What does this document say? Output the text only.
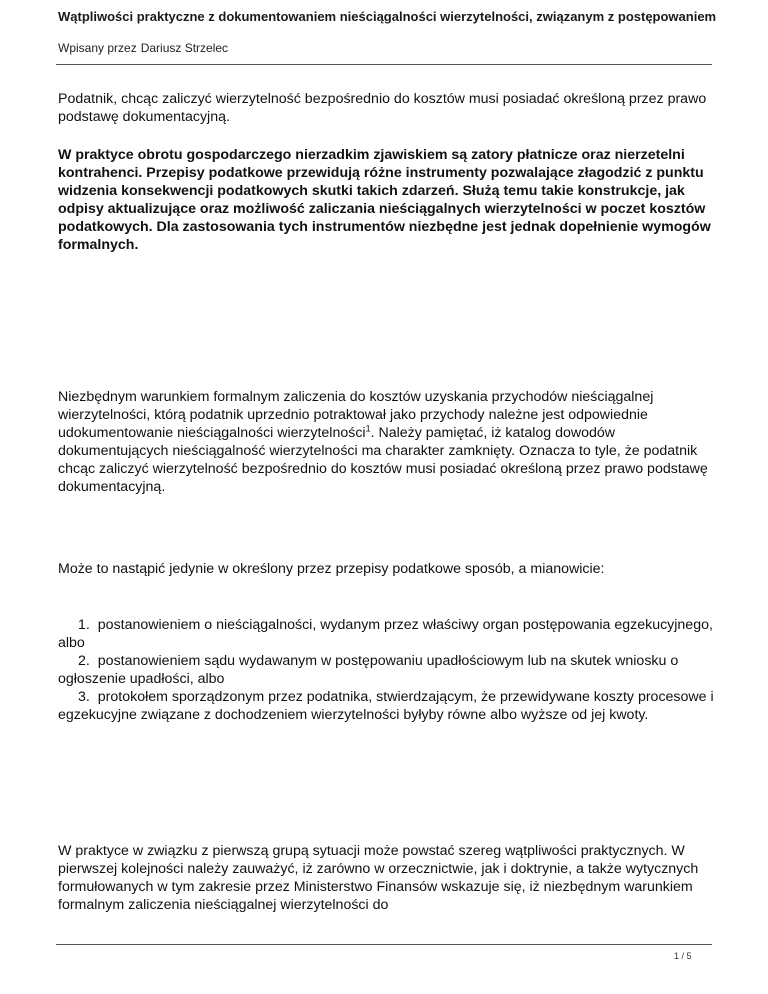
Wątpliwości praktyczne z dokumentowaniem nieściągalności wierzytelności, związanym z postępowaniem
Wpisany przez Dariusz Strzelec

Podatnik, chcąc zaliczyć wierzytelność bezpośrednio do kosztów musi posiadać określoną przez prawo podstawę dokumentacyjną.

W praktyce obrotu gospodarczego nierzadkim zjawiskiem są zatory płatnicze oraz nierzetelni kontrahenci. Przepisy podatkowe przewidują różne instrumenty pozwalające złagodzić z punktu widzenia konsekwencji podatkowych skutki takich zdarzeń. Służą temu takie konstrukcje, jak odpisy aktualizujące oraz możliwość zaliczania nieściągalnych wierzytelności w poczet kosztów podatkowych. Dla zastosowania tych instrumentów niezbędne jest jednak dopełnienie wymogów formalnych.

Niezbędnym warunkiem formalnym zaliczenia do kosztów uzyskania przychodów nieściągalnej wierzytelności, którą podatnik uprzednio potraktował jako przychody należne jest odpowiednie udokumentowanie nieściągalności wierzytelności$^1$. Należy pamiętać, iż katalog dowodów dokumentujących nieściągalność wierzytelności ma charakter zamknięty. Oznacza to tyle, że podatnik chcąc zaliczyć wierzytelność bezpośrednio do kosztów musi posiadać określoną przez prawo podstawę dokumentacyjną.

Może to nastąpić jedynie w określony przez przepisy podatkowe sposób, a mianowicie:

1. postanowieniem o nieściągalności, wydanym przez właściwy organ postępowania egzekucyjnego, albo
2. postanowieniem sądu wydawanym w postępowaniu upadłościowym lub na skutek wniosku o ogłoszenie upadłości, albo
3. protokołem sporządzonym przez podatnika, stwierdzającym, że przewidywane koszty procesowe i egzekucyjne związane z dochodzeniem wierzytelności byłyby równe albo wyższe od jej kwoty.

W praktyce w związku z pierwszą grupą sytuacji może powstać szereg wątpliwości praktycznych. W pierwszej kolejności należy zauważyć, iż zarówno w orzecznictwie, jak i doktrynie, a także wytycznych formułowanych w tym zakresie przez Ministerstwo Finansów wskazuje się, iż niezbędnym warunkiem formalnym zaliczenia nieściągalnej wierzytelności do

1 / 5
